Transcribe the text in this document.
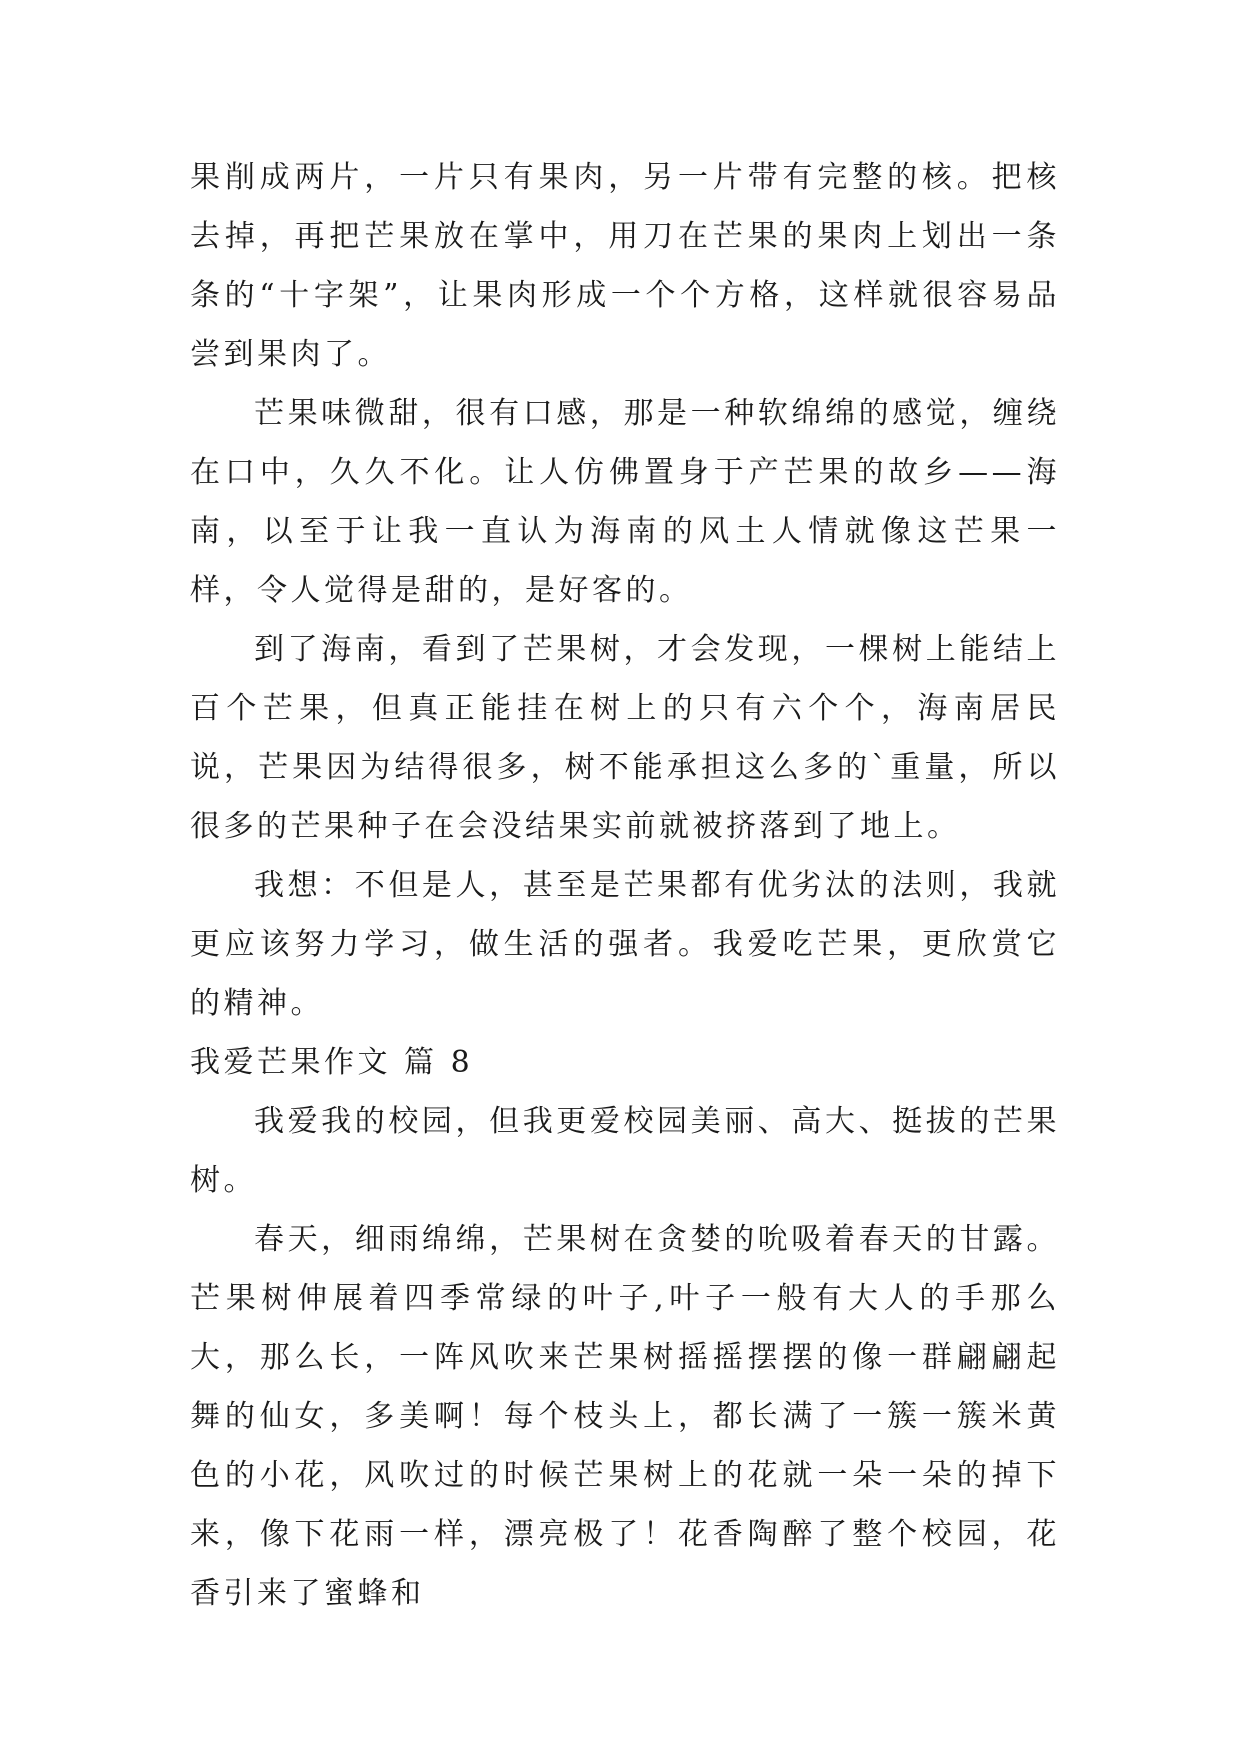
果削成两片，一片只有果肉，另一片带有完整的核。把核去掉，再把芒果放在掌中，用刀在芒果的果肉上划出一条条的“十字架”，让果肉形成一个个方格，这样就很容易品尝到果肉了。

芒果味微甜，很有口感，那是一种软绵绵的感觉，缠绕在口中，久久不化。让人仿佛置身于产芒果的故乡——海南，以至于让我一直认为海南的风土人情就像这芒果一样，令人觉得是甜的，是好客的。

到了海南，看到了芒果树，才会发现，一棵树上能结上百个芒果，但真正能挂在树上的只有六个个，海南居民说，芒果因为结得很多，树不能承担这么多的`重量，所以很多的芒果种子在会没结果实前就被挤落到了地上。

我想：不但是人，甚至是芒果都有优劣汰的法则，我就更应该努力学习，做生活的强者。我爱吃芒果，更欣赏它的精神。

我爱芒果作文 篇 8

我爱我的校园，但我更爱校园美丽、高大、挺拔的芒果树。

春天，细雨绵绵，芒果树在贪婪的吮吸着春天的甘露。芒果树伸展着四季常绿的叶子,叶子一般有大人的手那么大，那么长，一阵风吹来芒果树摇摇摆摆的像一群翩翩起舞的仙女，多美啊！每个枝头上，都长满了一簇一簇米黄色的小花，风吹过的时候芒果树上的花就一朵一朵的掉下来，像下花雨一样，漂亮极了！花香陶醉了整个校园，花香引来了蜜蜂和
